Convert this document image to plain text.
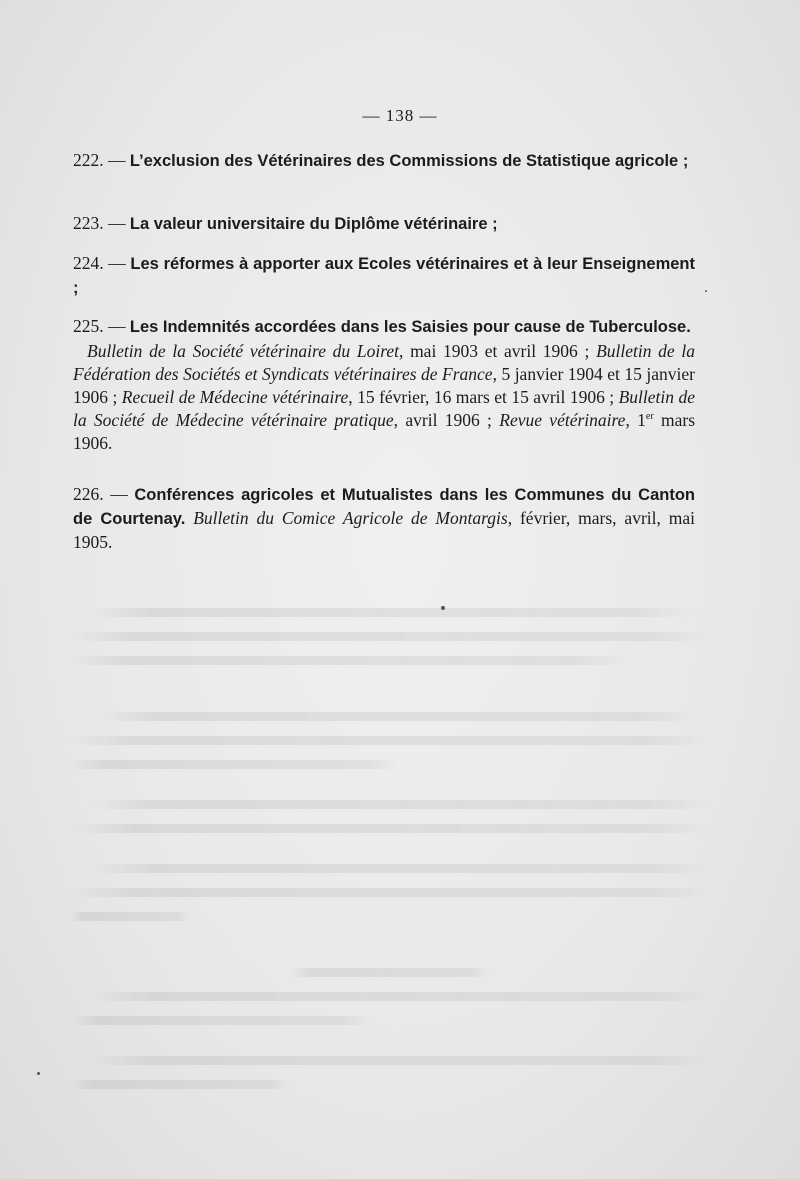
— 138 —
222. — L’exclusion des Vétérinaires des Commissions de Statistique agricole ;
223. — La valeur universitaire du Diplôme vétérinaire ;
224. — Les réformes à apporter aux Ecoles vétérinaires et à leur Enseignement ;
225. — Les Indemnités accordées dans les Saisies pour cause de Tuberculose.
Bulletin de la Société vétérinaire du Loiret, mai 1903 et avril 1906 ; Bulletin de la Fédération des Sociétés et Syndicats vétérinaires de France, 5 janvier 1904 et 15 janvier 1906 ; Recueil de Médecine vétérinaire, 15 février, 16 mars et 15 avril 1906 ; Bulletin de la Société de Médecine vétérinaire pratique, avril 1906 ; Revue vétérinaire, 1er mars 1906.
226. — Conférences agricoles et Mutualistes dans les Communes du Canton de Courtenay. Bulletin du Comice Agricole de Montargis, février, mars, avril, mai 1905.
